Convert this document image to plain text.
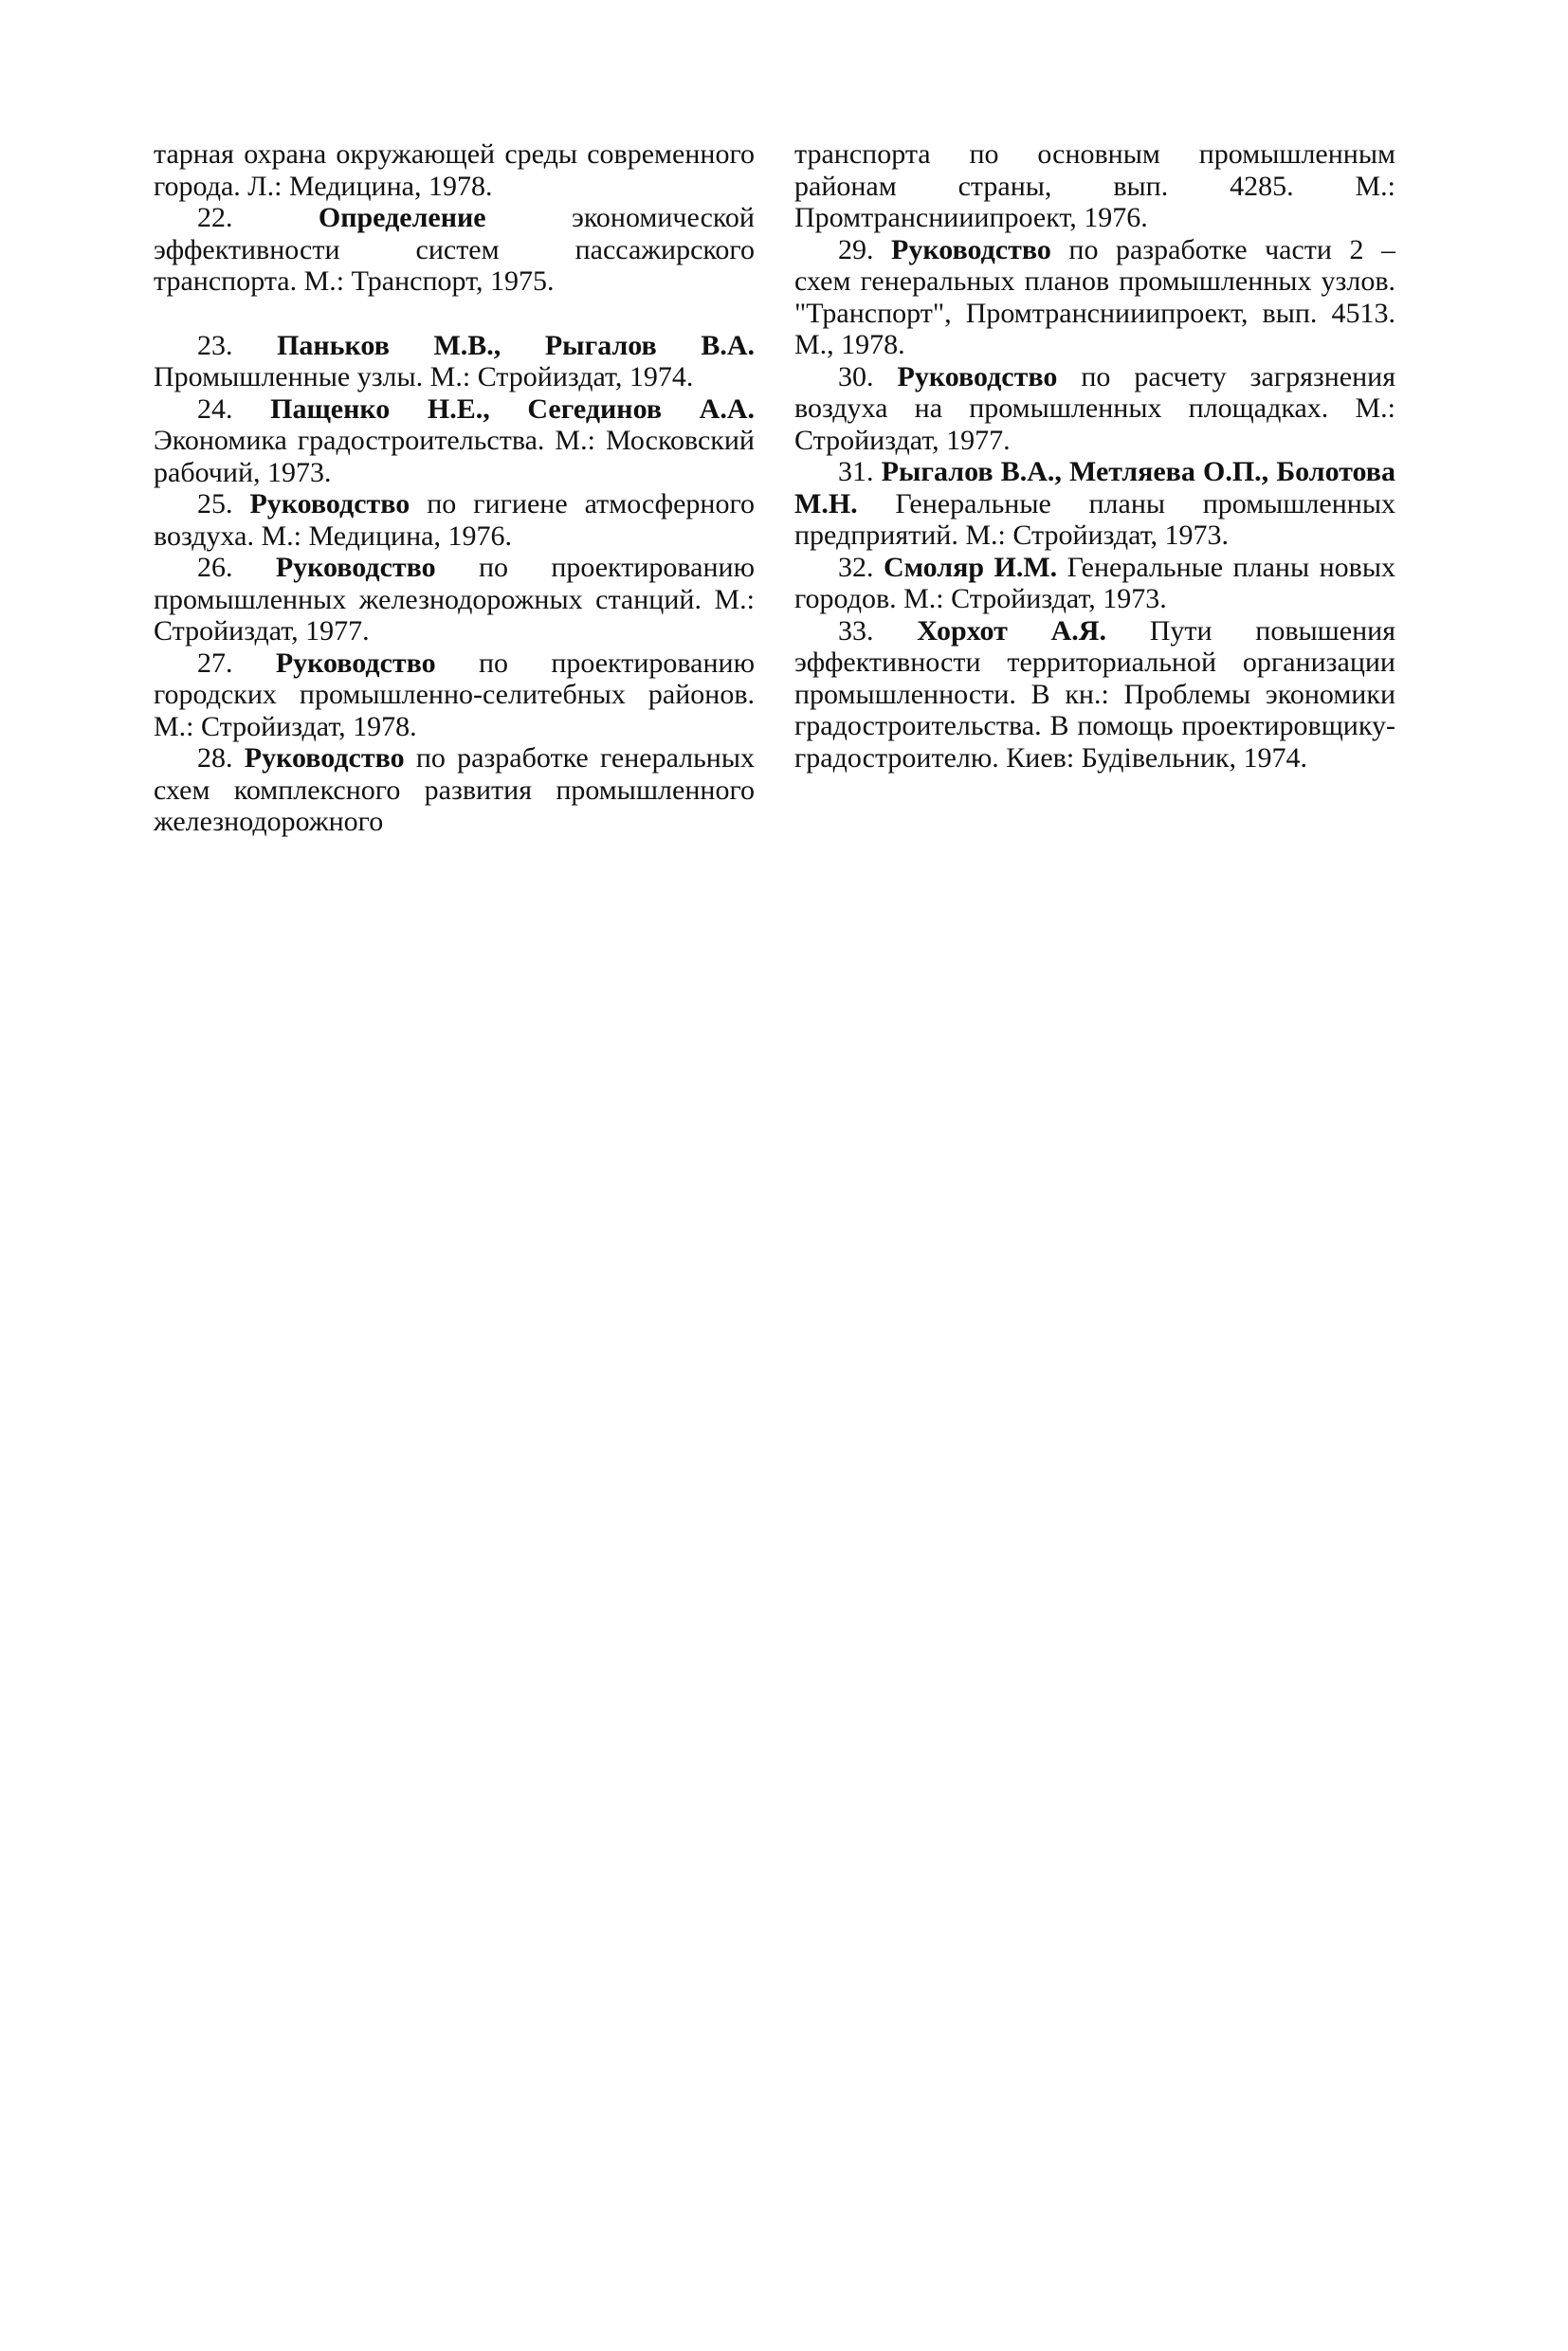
тарная охрана окружающей среды современного города. Л.: Медицина, 1978.

22.	Определение	экономической эффективности систем пассажирского транспорта. М.: Транспорт, 1975.

23. Паньков М.В., Рыгалов В.А. Промышленные узлы. М.: Стройиздат, 1974.

24. Пащенко Н.Е., Сегединов А.А. Экономика градостроительства. М.: Московский рабочий, 1973.

25. Руководство по гигиене атмосферного воздуха. М.: Медицина, 1976.

26. Руководство по проектированию промышленных железнодорожных станций. М.: Стройиздат, 1977.

27. Руководство по проектированию городских промышленно-селитебных районов. М.: Стройиздат, 1978.

28. Руководство по разработке генеральных схем комплексного развития промышленного железнодорожного

транспорта по основным промышленным районам страны, вып. 4285. М.: Промтранснииипроект, 1976.

29. Руководство по разработке части 2 – схем генеральных планов промышленных узлов. "Транспорт", Промтранснииипроект, вып. 4513. М., 1978.

30. Руководство по расчету загрязнения воздуха на промышленных площадках. М.: Стройиздат, 1977.

31. Рыгалов В.А., Метляева О.П., Болотова М.Н. Генеральные планы промышленных предприятий. М.: Стройиздат, 1973.

32. Смоляр И.М. Генеральные планы новых городов. М.: Стройиздат, 1973.

33. Хорхот А.Я. Пути повышения эффективности территориальной организации промышленности. В кн.: Проблемы экономики градостроительства. В помощь проектировщику-градостроителю. Киев: Будівельник, 1974.
